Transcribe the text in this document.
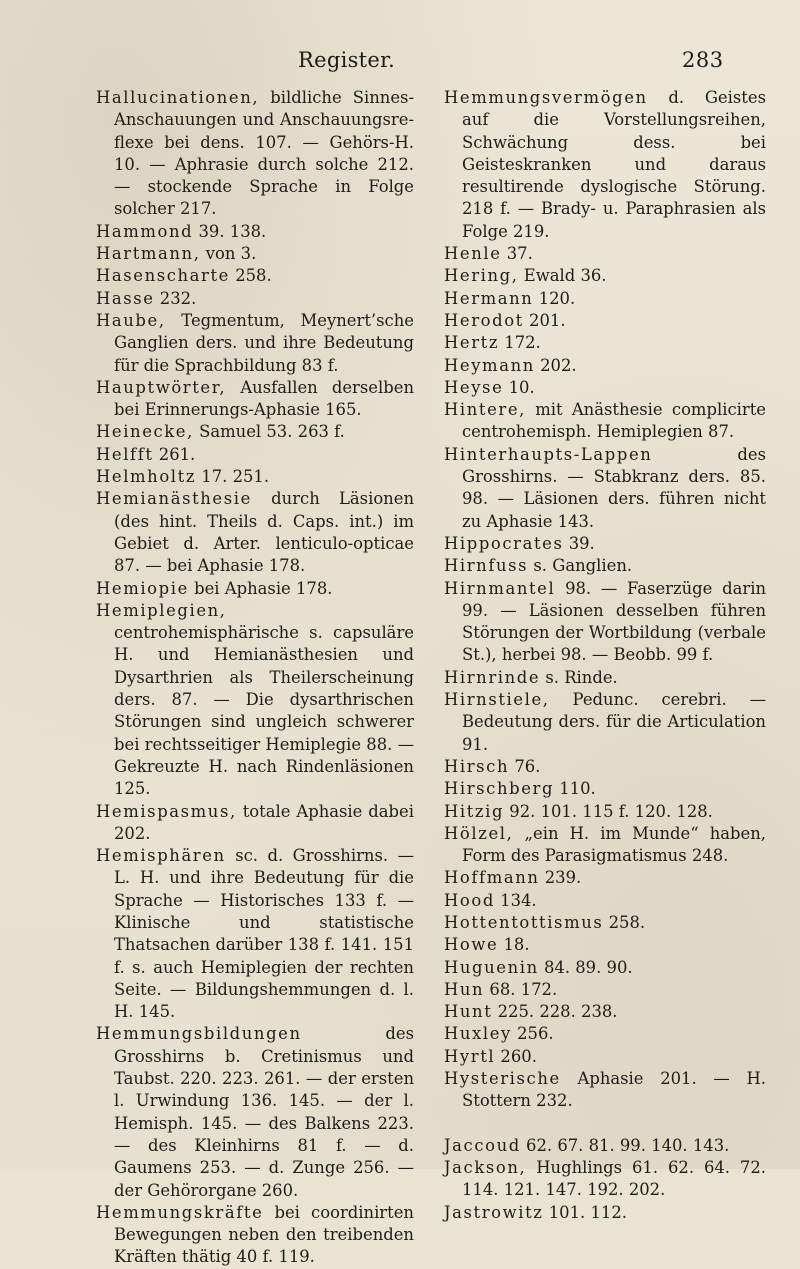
Register.	283

Hallucinationen, bildliche Sinnes-Anschauungen und Anschauungsre-flexe bei dens. 107. — Gehörs-H. 10. — Aphrasie durch solche 212. — stockende Sprache in Folge solcher 217.

Hammond 39. 138.

Hartmann, von 3.

Hasenscharte 258.

Hasse 232.

Haube, Tegmentum, Meynert’sche Ganglien ders. und ihre Bedeutung für die Sprachbildung 83 f.

Hauptwörter, Ausfallen derselben bei Erinnerungs-Aphasie 165.

Heinecke, Samuel 53. 263 f.

Helfft 261.

Helmholtz 17. 251.

Hemianästhesie durch Läsionen (des hint. Theils d. Caps. int.) im Gebiet d. Arter. lenticulo-opticae 87. — bei Aphasie 178.

Hemiopie bei Aphasie 178.

Hemiplegien, centrohemisphärische s. capsuläre H. und Hemianästhesien und Dysarthrien als Theilerscheinung ders. 87. — Die dysarthrischen Störungen sind ungleich schwerer bei rechtsseitiger Hemiplegie 88. — Gekreuzte H. nach Rindenläsionen 125.

Hemispasmus, totale Aphasie dabei 202.

Hemisphären sc. d. Grosshirns. — L. H. und ihre Bedeutung für die Sprache — Historisches 133 f. — Klinische und statistische Thatsachen darüber 138 f. 141. 151 f. s. auch Hemiplegien der rechten Seite. — Bildungshemmungen d. l. H. 145.

Hemmungsbildungen des Grosshirns b. Cretinismus und Taubst. 220. 223. 261. — der ersten l. Urwindung 136. 145. — der l. Hemisph. 145. — des Balkens 223. — des Kleinhirns 81 f. — d. Gaumens 253. — d. Zunge 256. — der Gehörorgane 260.

Hemmungskräfte bei coordinirten Bewegungen neben den treibenden Kräften thätig 40 f. 119.

Hemmungsvermögen d. Geistes auf die Vorstellungsreihen, Schwächung dess. bei Geisteskranken und daraus resultirende dyslogische Störung. 218 f. — Brady- u. Paraphrasien als Folge 219.

Henle 37.

Hering, Ewald 36.

Hermann 120.

Herodot 201.

Hertz 172.

Heymann 202.

Heyse 10.

Hintere, mit Anästhesie complicirte centrohemisph. Hemiplegien 87.

Hinterhaupts-Lappen des Grosshirns. — Stabkranz ders. 85. 98. — Läsionen ders. führen nicht zu Aphasie 143.

Hippocrates 39.

Hirnfuss s. Ganglien.

Hirnmantel 98. — Faserzüge darin 99. — Läsionen desselben führen Störungen der Wortbildung (verbale St.), herbei 98. — Beobb. 99 f.

Hirnrinde s. Rinde.

Hirnstiele, Pedunc. cerebri. — Bedeutung ders. für die Articulation 91.

Hirsch 76.

Hirschberg 110.

Hitzig 92. 101. 115 f. 120. 128.

Hölzel, „ein H. im Munde“ haben, Form des Parasigmatismus 248.

Hoffmann 239.

Hood 134.

Hottentottismus 258.

Howe 18.

Huguenin 84. 89. 90.

Hun 68. 172.

Hunt 225. 228. 238.

Huxley 256.

Hyrtl 260.

Hysterische Aphasie 201. — H. Stottern 232.

Jaccoud 62. 67. 81. 99. 140. 143.

Jackson, Hughlings 61. 62. 64. 72. 114. 121. 147. 192. 202.

Jastrowitz 101. 112.
